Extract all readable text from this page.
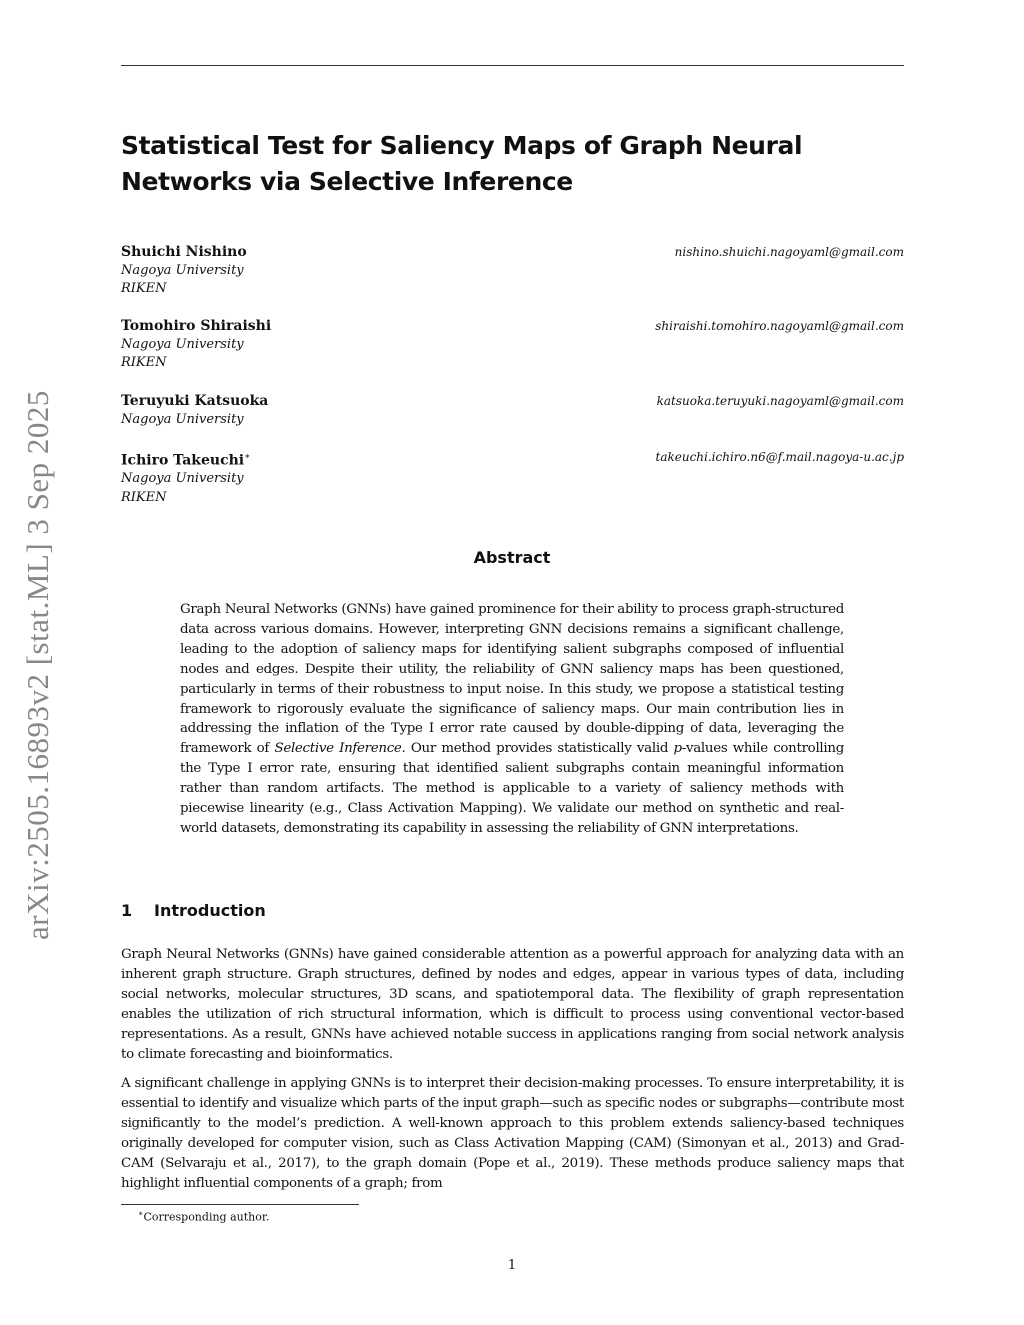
arXiv:2505.16893v2 [stat.ML] 3 Sep 2025
Statistical Test for Saliency Maps of Graph Neural Networks via Selective Inference
Shuichi Nishino
Nagoya University
RIKEN
nishino.shuichi.nagoyaml@gmail.com
Tomohiro Shiraishi
Nagoya University
RIKEN
shiraishi.tomohiro.nagoyaml@gmail.com
Teruyuki Katsuoka
Nagoya University
katsuoka.teruyuki.nagoyaml@gmail.com
Ichiro Takeuchi∗
Nagoya University
RIKEN
takeuchi.ichiro.n6@f.mail.nagoya-u.ac.jp
Abstract
Graph Neural Networks (GNNs) have gained prominence for their ability to process graph-structured data across various domains. However, interpreting GNN decisions remains a significant challenge, leading to the adoption of saliency maps for identifying salient subgraphs composed of influential nodes and edges. Despite their utility, the reliability of GNN saliency maps has been questioned, particularly in terms of their robustness to input noise. In this study, we propose a statistical testing framework to rigorously evaluate the significance of saliency maps. Our main contribution lies in addressing the inflation of the Type I error rate caused by double-dipping of data, leveraging the framework of Selective Inference. Our method provides statistically valid p-values while controlling the Type I error rate, ensuring that identified salient subgraphs contain meaningful information rather than random artifacts. The method is applicable to a variety of saliency methods with piecewise linearity (e.g., Class Activation Mapping). We validate our method on synthetic and real-world datasets, demonstrating its capability in assessing the reliability of GNN interpretations.
1 Introduction
Graph Neural Networks (GNNs) have gained considerable attention as a powerful approach for analyzing data with an inherent graph structure. Graph structures, defined by nodes and edges, appear in various types of data, including social networks, molecular structures, 3D scans, and spatiotemporal data. The flexibility of graph representation enables the utilization of rich structural information, which is difficult to process using conventional vector-based representations. As a result, GNNs have achieved notable success in applications ranging from social network analysis to climate forecasting and bioinformatics.
A significant challenge in applying GNNs is to interpret their decision-making processes. To ensure interpretability, it is essential to identify and visualize which parts of the input graph—such as specific nodes or subgraphs—contribute most significantly to the model’s prediction. A well-known approach to this problem extends saliency-based techniques originally developed for computer vision, such as Class Activation Mapping (CAM) (Simonyan et al., 2013) and Grad-CAM (Selvaraju et al., 2017), to the graph domain (Pope et al., 2019). These methods produce saliency maps that highlight influential components of a graph; from
∗Corresponding author.
1
